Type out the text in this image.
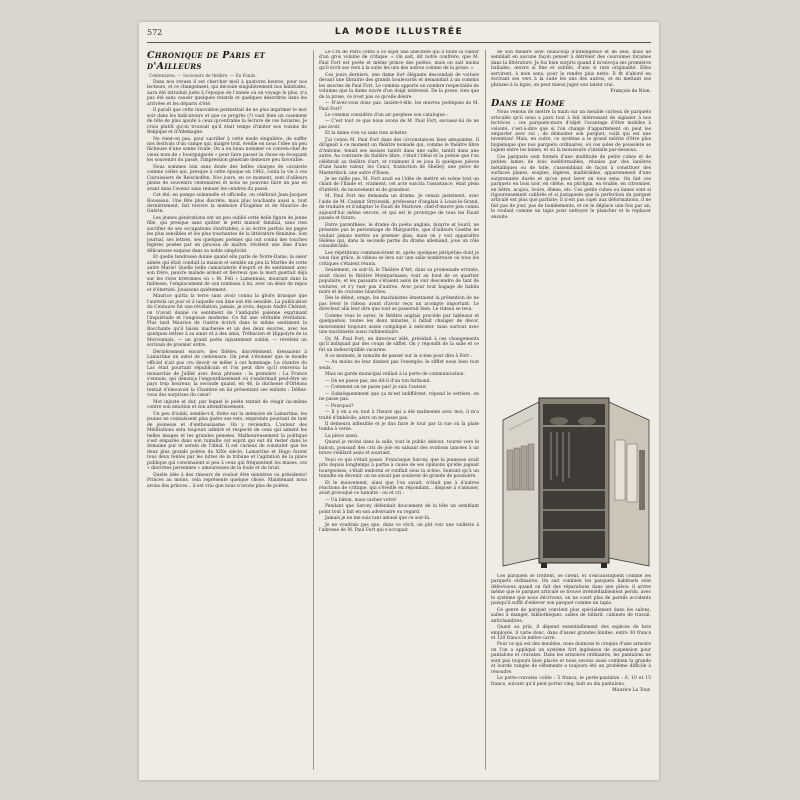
572	LA MODE ILLUSTRÉE
Chronique de Paris et d'Ailleurs
Centenaires. — Souvenirs de théâtre. — En Fonds.

Dans nos revues il est chercher moil à quatorze heures, pour nos lecteurs, et ce changement, qui découle singulièrement nos habitudes, aura été introduit juste à l'époque de l'année où on voyage le plus, n'a pas été sans causer quelques retards et quelques désordres dans les arrivées et les départs d'été.

Il paraît que cette innovation permettait de ne plus imprimer le mot soir dans les indicateurs et que ce progrès (?) vaut bien un casement de tête de plus ajouté à ceux qu'entraîne la lecture de ces horaires. Je crois plutôt qu'on trouvait qu'il était temps d'imiter nos voisins de Belgique et d'Allemagne.

Ne vient-on pas, pour sacrifier à cette mode singulière, de suffer nos festivals d'un campe qui, malgré tout, éveille en nous l'idée un peu fâcheuse d'une sonne rivale. On a eu beau nommer ce conven-chef de vieux nom de « bourguignote » pour faire passer la chose en évoquant les souvenirs du passé, l'impression générale demeure peu favorable.

Nous sommes loin sans doute des belles charges de cavalerie comme celles qui, presque à cette époque en 1842, conta la vie à ces Cuiraissiers de Reischoffen. Nos jours, en ce moment, sont d'ailleurs pleins de souvenirs centenaires et nous ne pouvons faire un pas en avant dans l'avenir sans remuer les cendres du passé.

Cet été, en pompe solennelle et officielle, on célébrait Jean-Jacques Rousseau. Une fête plus discrète, mais plus touchante aussi a, tout dernièrement, fait revivre la mémoire d'Eugénie et de Maurice de Guérin.

Les jeunes générations ont un peu oublié cette belle figure de jeune fille, qui presque sans quitter le petit manoir familial, sans rien sacrifier de ses occupations charitables, a su écrire parfois les pages les plus sensibles et les plus touchantes de la littérature féminine. Son journal, ses lettres, ses quelques poèmes qui ont connu des touches légères posées par un pinceau de maître, révèlent une âme d'une délicatesse exquise dans sa noble simplicité.

Et quelle tendresse donne quand elle parle de Notre-Dame, la sœur aimée qui était conduit la maison et semble un peu la Marthe de cette autre Marie! Quelle belle camaraderie d'esprit et de sentiment avec son frère, pauvre malade ardent et fiévreux que la mort guettait déjà sur les rives bretonnes où « M. Feli » Lamennais, mourant dans la faiblesse, l'emplacement de son tombeau à lui, avec un désir de repos et d'éternité. Jouissons quiétement.

Maurice quitta la terre sans avoir connu la gloire brusque que l'auréola un jour et à laquelle son âme eut été sensible. La publication du Centaure fut une révélation; jamais, je crois, depuis André Chénier, on n'avait donné ce sentiment de l'antiquité païenne exprimant l'inquiétude et l'angoisse moderne. Ce fut une véritable révélation. Plus tard Maurice de Guérin écrivit dans le même sentiment la Bacchante qu'il laissa inachevée et un des deux œuvres, avec les quelques lettres à sa sœur et à des amis, Trébucien et Hippolyte de la Morvonnais, — un grand poète injustement oublié, — révèlent un écrivain de premier ordre.

Dernièrement encore, des fidèles, discrètement, dressaient à Lamartine un autel de centenaire. On peut s'étonner que le monde officiel n'ait pas cru devoir se mêler à cet hommage. Le chantre du Lac était pourtant républicain et l'on peut dire qu'il renversa la monarchie de Juillet avec deux phrases : la première : La France s'ennuie, qui dénonça l'engourdissement où s'endormait peut-être un pays trop heureux; la seconde quand, en 48, la duchesse d'Orléans tentait d'émouvoir la Chambre en lui présentant ses enfants : Défiez-vous des surprises du cœur!

Mot injuste et dur, par lequel le poète tentait de réagir lui-même contre son émotion et son attendrissement.

Un peu d'oubli, semble-t-il, flotte sur la mémoire de Lamartine; les jeunes ne connaissent plus guère ses vers, empreints pourtant de tant de jeunesse et d'enthousiasme. On y reviendra. L'auteur des Méditations sera toujours admiré et respecté de ceux qui aiment les belles images et les grandes pensées. Malheureusement la politique s'est emparée dans son tumulte cet esprit qui eut dû rester dans le domaine pur et serein de l'idéal. Il est curieux de constater que les deux plus grands poètes du XIXe siècle, Lamartine et Hugo furent tous deux tentés par les luttes de la tribune et l'agitation de la place publique qui convenaient si peu à ceux qui fréquentent les muses, ces « discrètes personnes » amoureuses de la foule et du bruit.

Quelle idée à des rimeurs de vouloir être ministres ou présidents! Princes au moins, cela représente quelque chose. Maintenant nous avons des princes... il est vrai que nous n'avons plus de poètes.

Le Cru de Paris conte à ce sujet une anecdote qui a toute la valeur d'un gros volume de critique. « On sait, dit notre confrère, que M. Paul Fort est poète et même prince des poètes, mais on sait moins qu'il écrit ses vers à la suite les uns des autres comme de la prose. »

Ces jours derniers, une dame fort élégante descendait de voiture devant une librairie des grands boulevards et demandait à un commis les œuvres de Paul Fort. Le commis apporte un nombre respectable de volumes que la dame ouvre d'un doigt intéressé. De la prose, rien que de la prose, ce n'est pas ce qu'elle désire.

— N'avez-vous donc pas, insiste-t-elle, les œuvres poétiques de M. Paul Fort?

Le commis considère d'un air perplexe son catalogue :

— C'est tout ce que nous avons de M. Paul Fort, excusez-lui de ne pas avoir.

Et la dame s'en va sans rien acheter.

J'ai connu M. Paul Fort dans des circonstances bien amusantes. Il dirigeait à ce moment un théâtre nomade qui, comme le théâtre libre d'Antoine, tenait ses assises tantôt dans une salle, tantôt dans une autre. Au contraire du théâtre libre, c'était l'idéal et la poésie que l'on célébrait au théâtre d'art, et vraiment il se joua là quelques pièces d'une haute valeur, les Cenci, traduction de Shelley, une pièce de Maeterlinck, une autre d'Ibsen.

Je ne raille pas, M. Fort avait eu l'idée de mettre en scène tout un chant de l'Iliade et, vraiment, cet acte suscita l'assistance, était plein d'intérêt, de mouvement et de grandeur.

M. Paul Fort me demanda un drame. Je venais justement, avec l'aide de M. Casimir Stryienski, professeur d'anglais à Louis-le-Grand, de traduire et d'adapter le Faust de Marlowe, chef-d'œuvre peu connu aujourd'hui même encore, et qui est le prototype de tous les Faust passés et futurs.

Entre parenthèse, le drame du poète anglais, bizarre et lourd, ne présente pas le personnage de Marguerite, que d'ailleurs Goethe ne voulait jamais mettre au premier plan, mais on y voit apparaître Hélène qui, dans la seconde partie du drame allemand, joue un rôle considérable.

Les répétitions commencèrent et, après quelques péripéties dont je vous fais grâce, le rideau se leva sur une salle nombreuse où tous les critiques s'étaient réunis.

Seulement, ce soir-là, le Théâtre d'Art, dans sa promenade errante, avait choisi le théâtre Montparnasse, tout au fond de ce quartier populaire, et les passants s'étaient assis de voir descendre de tant de voitures, et s'y ruer pas d'autres. Avec pour tout bagage de habits noirs et de cravates blanches.

Dès le début, orage, les machinistes émettaient la prétention de ne pas lever le rideau avant d'avoir reçu un acompte important. Le directeur alla leur dire que tout se passerait bien. Le rideau se leva.

Comme vous le savez, le théâtre anglais procède par tableaux et quelquefois, toutes les deux minutes, il fallait changer de décor, mouvement toujours assez compliqué à exécuter, mais surtout avec une machinerie aussi rudimentaire.

Or, M. Paul Fort, en directeur zélé, présidait à ces changements qu'il indiquait par des coups de sifflet. On y répondit de la salle et ce fut un indescriptible vacarme.

À ce moment, le tumulte de passer sur la scène pour dire à Fort :

— Au moins ne leur donnez pas l'exemple; le sifflet nous bien tout seuls.

Mais un garde municipal veillait à la porte de communication.

— On ne passe pas, me dit-il d'un ton furibond.

— Comment on ne passe pas! je suis l'auteur.

— Subséquemment que ça m'est indifférent, répond le cerbère, on ne passe pas.

— Pourquoi?

— Il y en a eu tout à l'heure qui a été malmenée avec moi; il m'a traité d'imbécile; alors on ne passe pas.

Il demeura inflexible et je dus faire le tour par la rue où la plate tomba à verse.

La pièce aussi.

Quand je revins dans la salle, tout le public debout, tourné vers le balcon, poussait des cris de joie en saluant des ovations lancées à un brave vieillard assis et souriant.

Voici ce qui s'était passé. Francisque Sarcey, que la jeunesse avait pris depuis longtemps à partie à cause de ses opinions qu'elle jugeait bourgeoises, s'était endormi et ronflait sous la scène. Sentant qu'à un tumulte en devenir, on ne savait pas soulever de grande de poussière.

Et le mouvement, ainsi que l'on savait, n'était pas à d'autres réactions de critique, qui s'éveille en répondant... disposé à s'amuser, avait provoqué ce tumulte : ou et cri :

— Un bâton, mais cachez votre!

Pendant que Sarcey défendait doucement de la tête un semblant point tout à fait en son adversaire ou regard.

Jamais je ne me suis tant amusé que ce soir-là.

Je ne voudrais pas que, dans ce récit, on pût voir une raillerie à l'adresse de M. Paul Fort qui s'occupait

de son théâtre avec beaucoup d'intelligence et de zèle, mais ne semblait en aucune façon penser à détrôner des couronnes foraines dans la littérature. Je fus bien surpris quand il m'envoya ses premières ballades, œuvre si fine et subtile, d'une si rare originalité. Elles servirent, à mon sens, pour la rendre plus nette. Il fit d'abord en écrivant ses vers à la suite les uns des autres, et en mettant ses phrases à la ligne, on peut mieux juger son talent vrai.

François de Nion.
Dans le Home

Nous venons de mettre la main sur un meuble curieux de parquets articulés qu'il nous a paru tout à fait intéressant de signaler à nos lectrices : ces parquets-murs d'objet l'avantage d'être mobiles à volonté, c'est-à-dire que si l'on change d'appartement on peut les emporter avec soi ; de démonter son parquet, voilà qui est une invention! Mais, en outre, ce système a le grand mérite d'être plus hygiénique que nos parquets ordinaires, où ces soles de poussière se logent entre les lames, et où la moisissure s'installe par-dessous.

Ces parquets sont formés d'une multitude de petits cubes et de petites lames de bois indéformables, réunies par des lanières métalliques ou de toile, s'assemblant de façon à constituer des surfaces planes, souples, légères, inaltérables, apparemment d'une surprenante durée et qu'on peut laver en tous sens. On fait ces parquets en bois noir, en chêne, en pitchpin, en érable, en citronnier, en hêtre, acajou, ivoire, ébène, etc. Ces petits cubes ou lames sont si rigoureusement calibrés et si justaposés que la perfection du parquet articulé est plus que parfaite; il n'est pas sujet aux déformations, il ne fait pas de jour, pas de bombements, et on le déplace une fois par an, le roulant comme un tapis pour nettoyer le plancher et le replacer ensuite.

Ces parquets se frottent, se cirent, et s'encaustiquent comme les parquets ordinaires. On sait combien les parquets habituels sont défectueux quand on fait des réparations dans une pièce; il arrive même que le parquet articulé se trouve irrémédiablement perdu, avec le système que nous décrivons, on ne court plus de pareils accidents puisqu'il suffit d'enlever son parquet comme un tapis.

Ce genre de parquet convient plus spécialement dans les salons, salles à manger, bibliothèques, salles de billard, cabinets de travail, antichambres.

Quant au prix, il dépend essentiellement des espèces de bois employés, il varie donc, dans d'assez grandes limites, entre 30 francs et 120 francs le mètre carré.

Pour ce qui est des meubles, nous donnons le croquis d'une armoire on l'on a appliqué un système fort ingénieux de suspension pour pantalons et cravates. Dans les armoires ordinaires, les pantalons ne sont pas toujours bien placés et nous savons aussi combien la grande et lourde rangée de vêtements a toujours été un problème difficile à résoudre.

Le porte-cravates coûte : 5 francs; le porte-pantalon : 6, 10 et 15 francs, suivant qu'il peut porter cinq, huit ou dix pantalons.

Maurice La Tour.
